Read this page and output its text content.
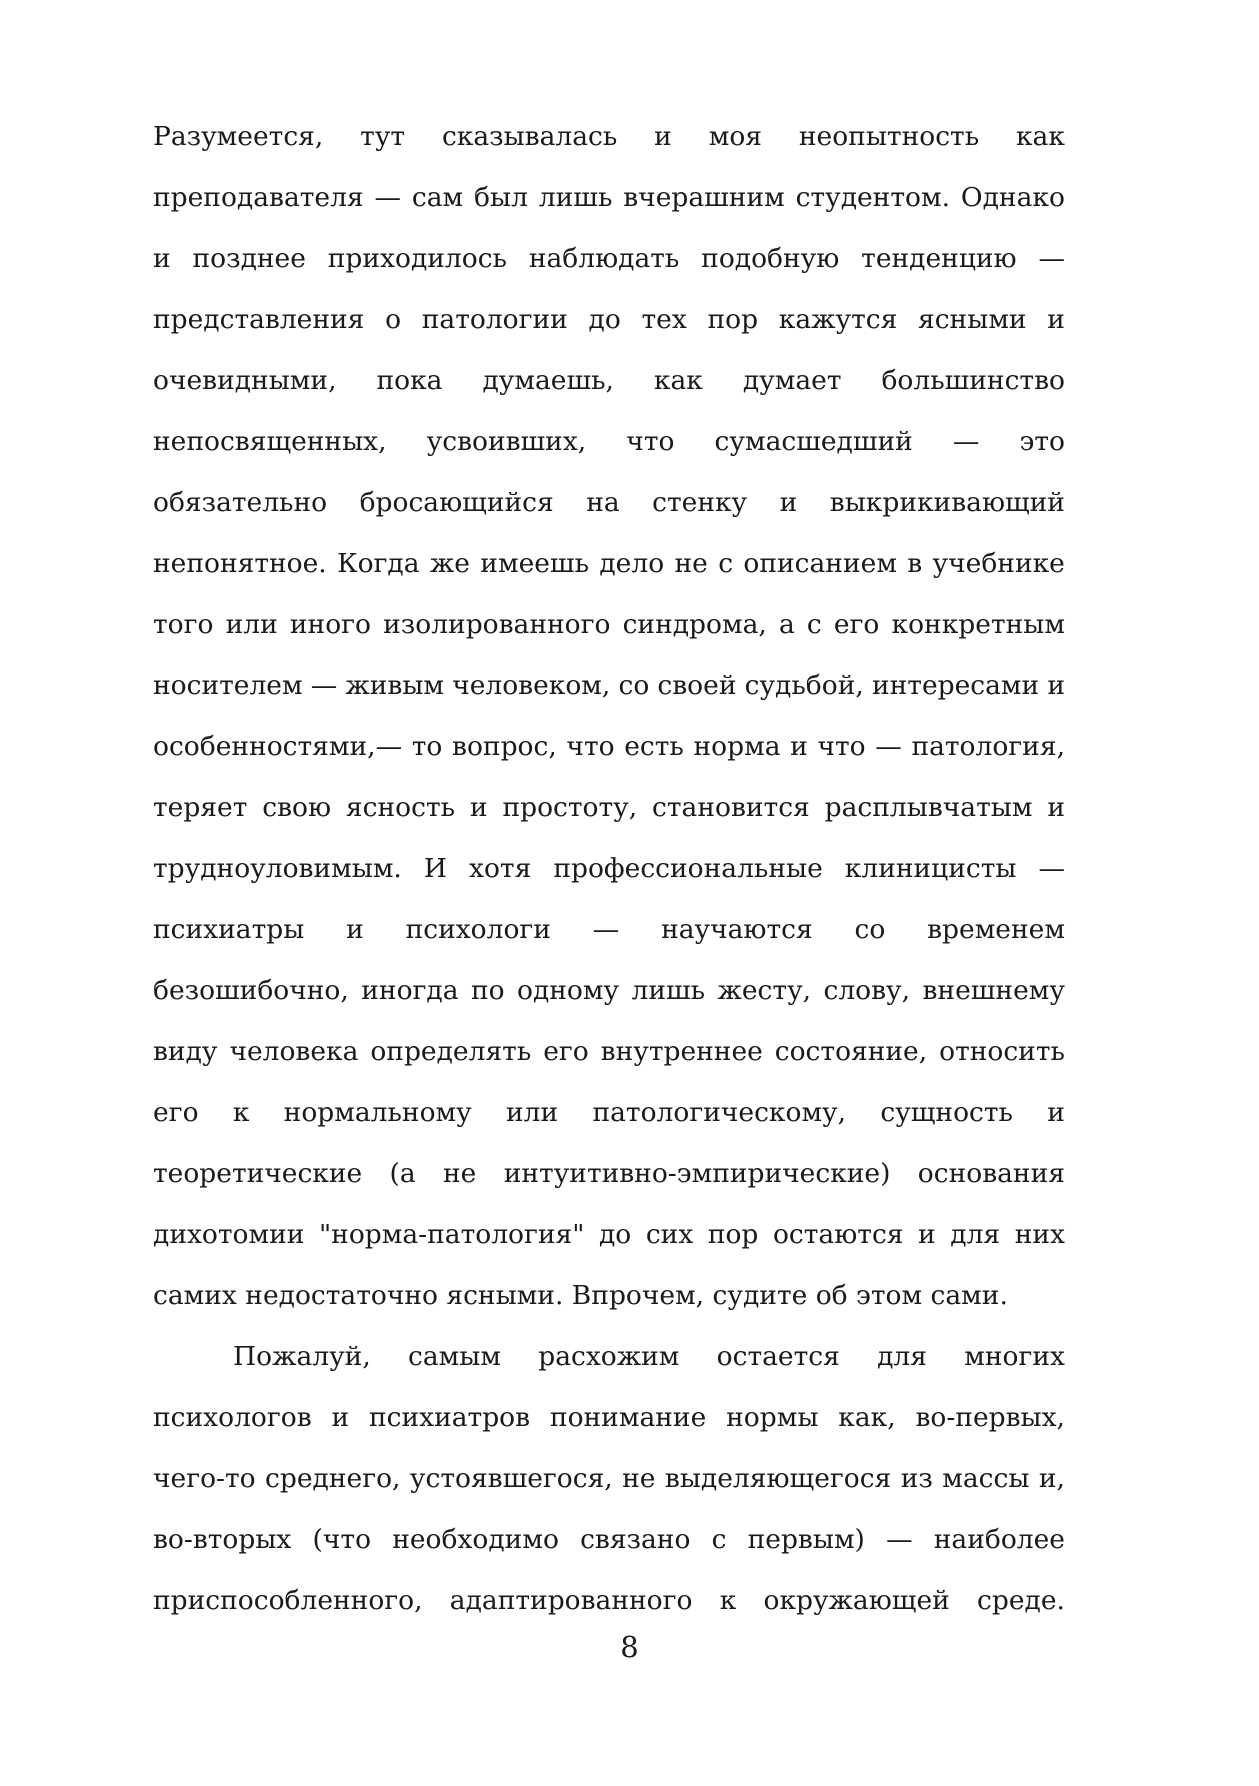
Разумеется, тут сказывалась и моя неопытность как
преподавателя — сам был лишь вчерашним студентом. Однако
и позднее приходилось наблюдать подобную тенденцию —
представления о патологии до тех пор кажутся ясными и
очевидными, пока думаешь, как думает большинство
непосвященных, усвоивших, что сумасшедший — это
обязательно бросающийся на стенку и выкрикивающий
непонятное. Когда же имеешь дело не с описанием в учебнике
того или иного изолированного синдрома, а с его конкретным
носителем — живым человеком, со своей судьбой, интересами и
особенностями,— то вопрос, что есть норма и что — патология,
теряет свою ясность и простоту, становится расплывчатым и
трудноуловимым. И хотя профессиональные клиницисты —
психиатры и психологи — научаются со временем
безошибочно, иногда по одному лишь жесту, слову, внешнему
виду человека определять его внутреннее состояние, относить
его к нормальному или патологическому, сущность и
теоретические (а не интуитивно-эмпирические) основания
дихотомии "норма-патология" до сих пор остаются и для них
самих недостаточно ясными. Впрочем, судите об этом сами.
Пожалуй, самым расхожим остается для многих
психологов и психиатров понимание нормы как, во-первых,
чего-то среднего, устоявшегося, не выделяющегося из массы и,
во-вторых (что необходимо связано с первым) — наиболее
приспособленного, адаптированного к окружающей среде.
8
